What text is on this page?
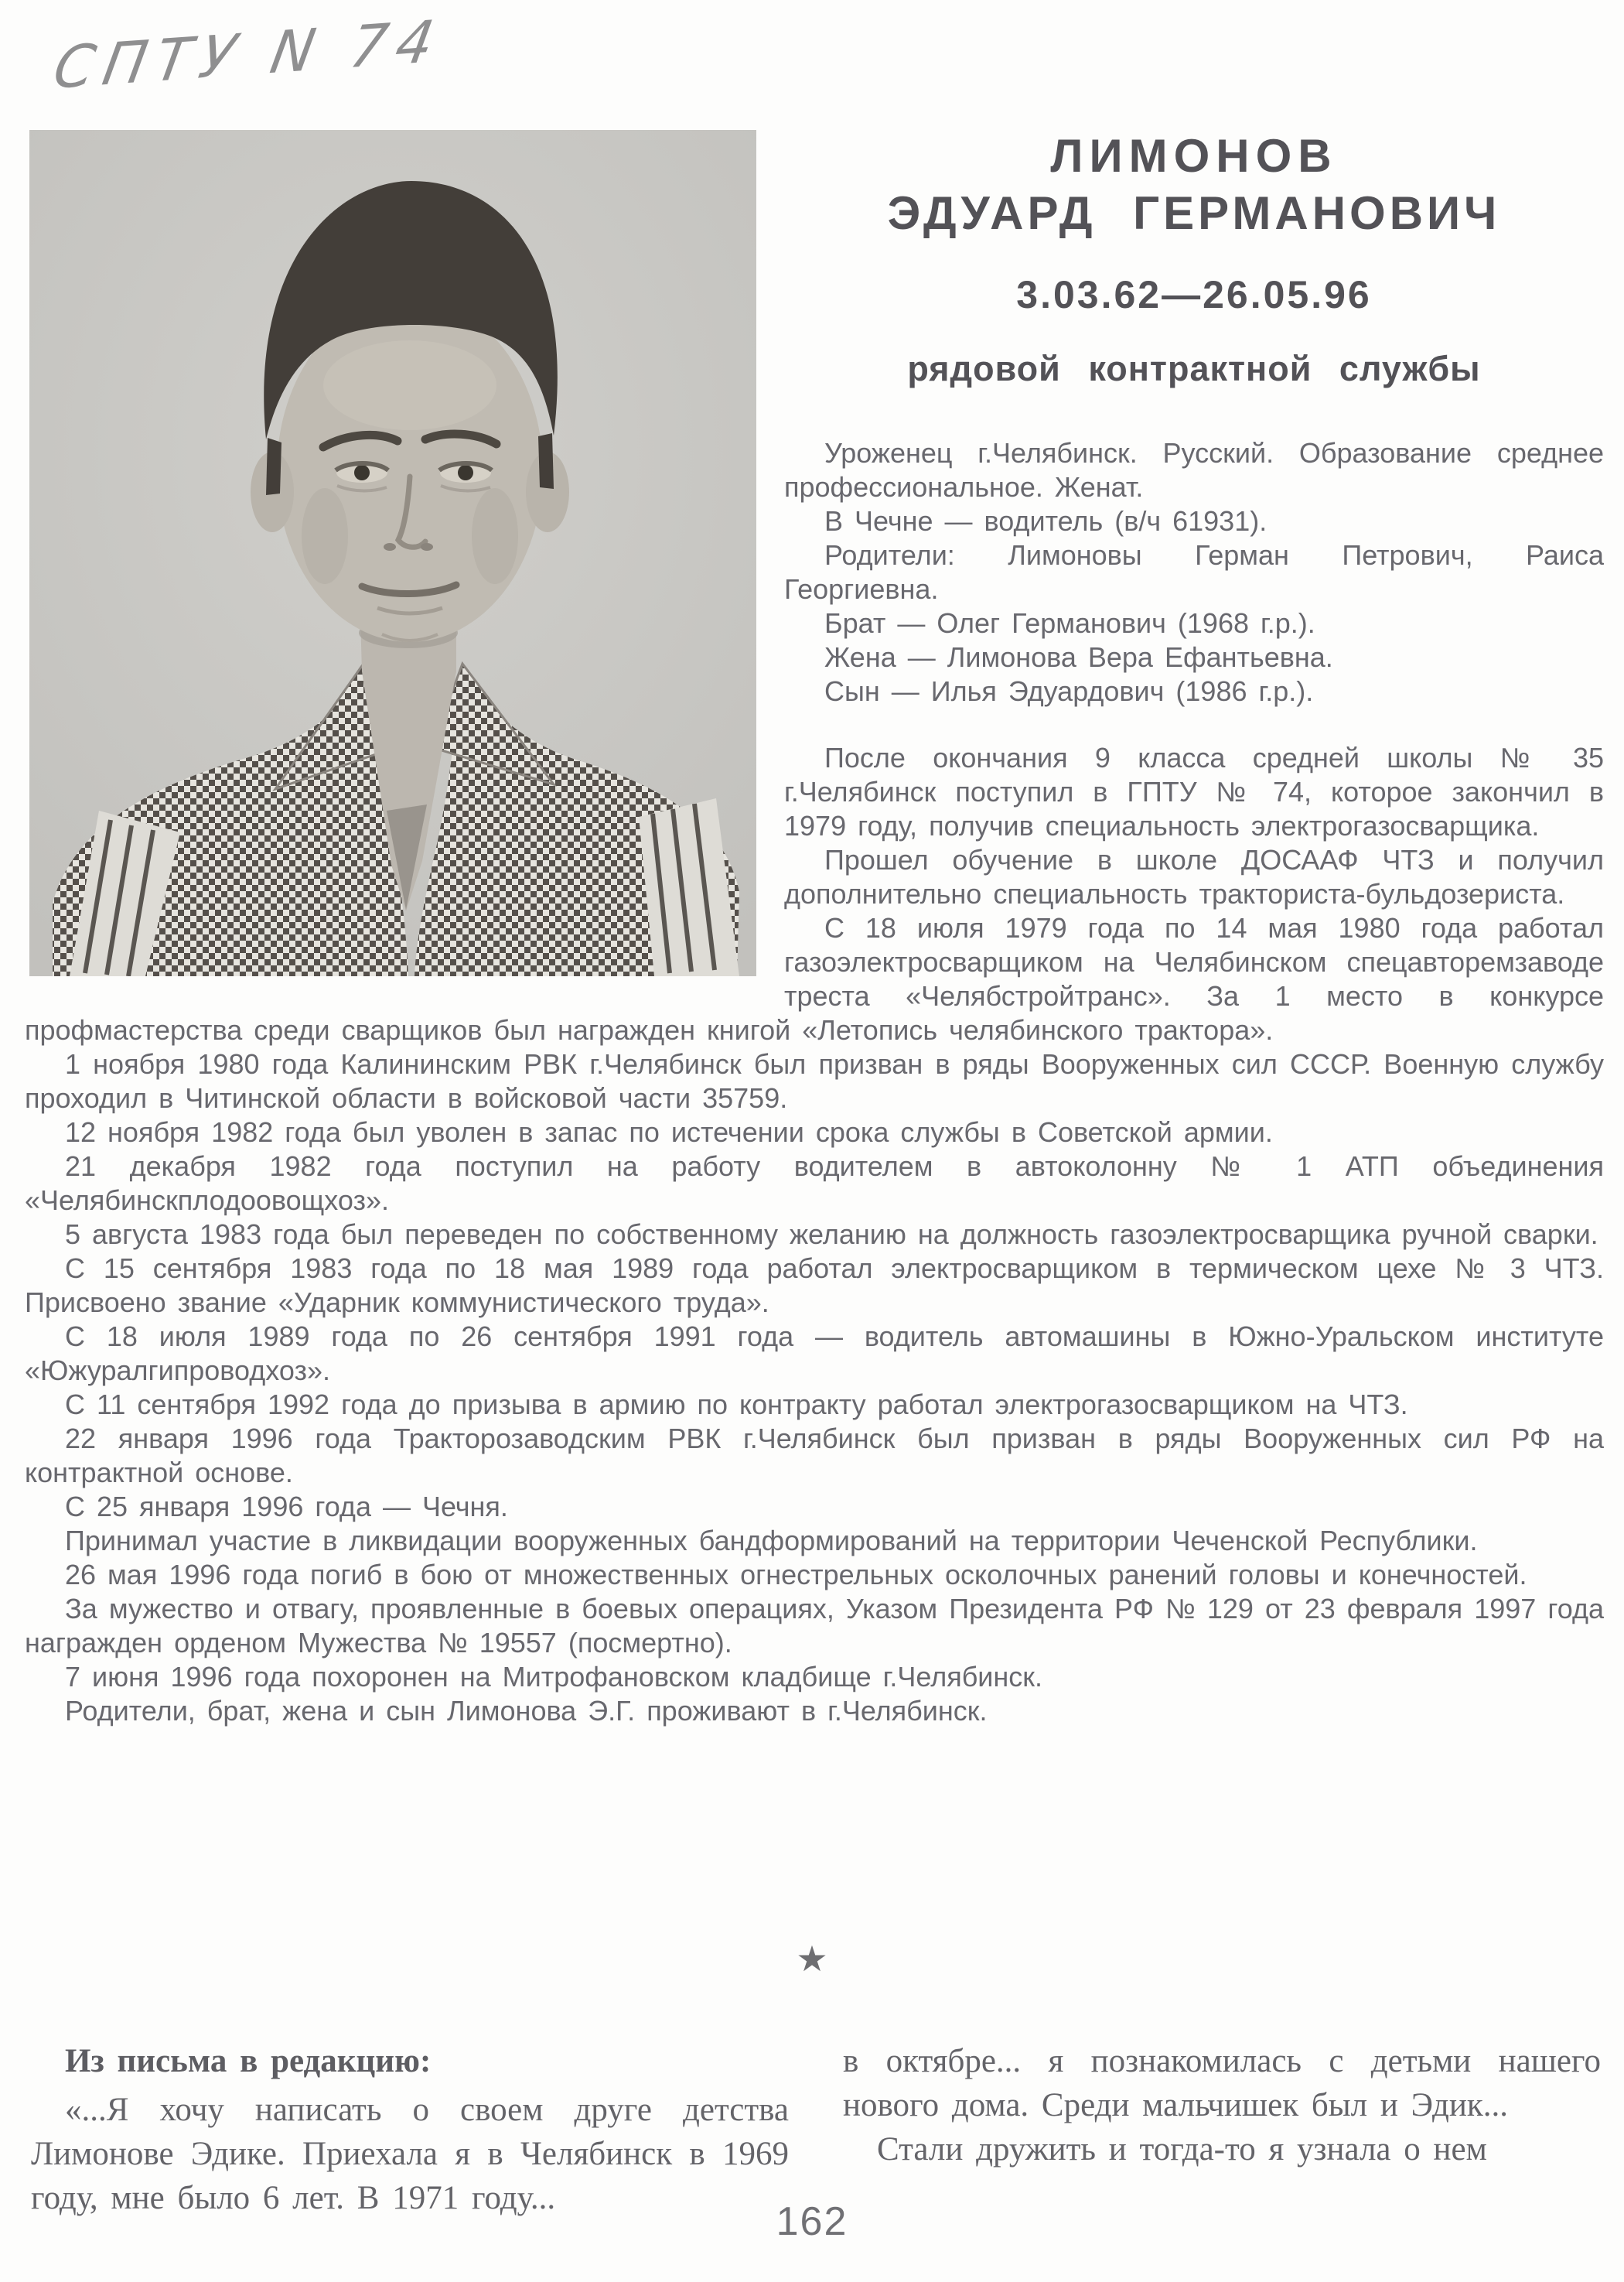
СПТУ N 74
ЛИМОНОВ
ЭДУАРД ГЕРМАНОВИЧ
3.03.62—26.05.96
рядовой контрактной службы

Уроженец г.Челябинск. Русский. Образование среднее профессиональное. Женат.

В Чечне — водитель (в/ч 61931).

Родители: Лимоновы Герман Петрович, Раиса Георгиевна.

Брат — Олег Германович (1968 г.р.).

Жена — Лимонова Вера Ефантьевна.

Сын — Илья Эдуардович (1986 г.р.).

После окончания 9 класса средней школы № 35 г.Челябинск поступил в ГПТУ № 74, которое закончил в 1979 году, получив специальность электрогазосварщика.

Прошел обучение в школе ДОСААФ ЧТЗ и получил дополнительно специальность тракториста-бульдозериста.

С 18 июля 1979 года по 14 мая 1980 года работал газоэлектросварщиком на Челябинском спецавторемзаводе треста «Челябстройтранс». За 1 место в конкурсе профмастерства среди сварщиков был награжден книгой «Летопись челябинского трактора».

1 ноября 1980 года Калининским РВК г.Челябинск был призван в ряды Вооруженных сил СССР. Военную службу проходил в Читинской области в войсковой части 35759.

12 ноября 1982 года был уволен в запас по истечении срока службы в Советской армии.

21 декабря 1982 года поступил на работу водителем в автоколонну № 1 АТП объединения «Челябинскплодоовощхоз».

5 августа 1983 года был переведен по собственному желанию на должность газоэлектросварщика ручной сварки.

С 15 сентября 1983 года по 18 мая 1989 года работал электросварщиком в термическом цехе № 3 ЧТЗ. Присвоено звание «Ударник коммунистического труда».

С 18 июля 1989 года по 26 сентября 1991 года — водитель автомашины в Южно-Уральском институте «Южуралгипроводхоз».

С 11 сентября 1992 года до призыва в армию по контракту работал электрогазосварщиком на ЧТЗ.

22 января 1996 года Тракторозаводским РВК г.Челябинск был призван в ряды Вооруженных сил РФ на контрактной основе.

С 25 января 1996 года — Чечня.

Принимал участие в ликвидации вооруженных бандформирований на территории Чеченской Республики.

26 мая 1996 года погиб в бою от множественных огнестрельных осколочных ранений головы и конечностей.

За мужество и отвагу, проявленные в боевых операциях, Указом Президента РФ № 129 от 23 февраля 1997 года награжден орденом Мужества № 19557 (посмертно).

7 июня 1996 года похоронен на Митрофановском кладбище г.Челябинск.

Родители, брат, жена и сын Лимонова Э.Г. проживают в г.Челябинск.

★

Из письма в редакцию:

«...Я хочу написать о своем друге детства Лимонове Эдике. Приехала я в Челябинск в 1969 году, мне было 6 лет. В 1971 году...

в октябре... я познакомилась с детьми нашего нового дома. Среди мальчишек был и Эдик...

Стали дружить и тогда-то я узнала о нем

162
